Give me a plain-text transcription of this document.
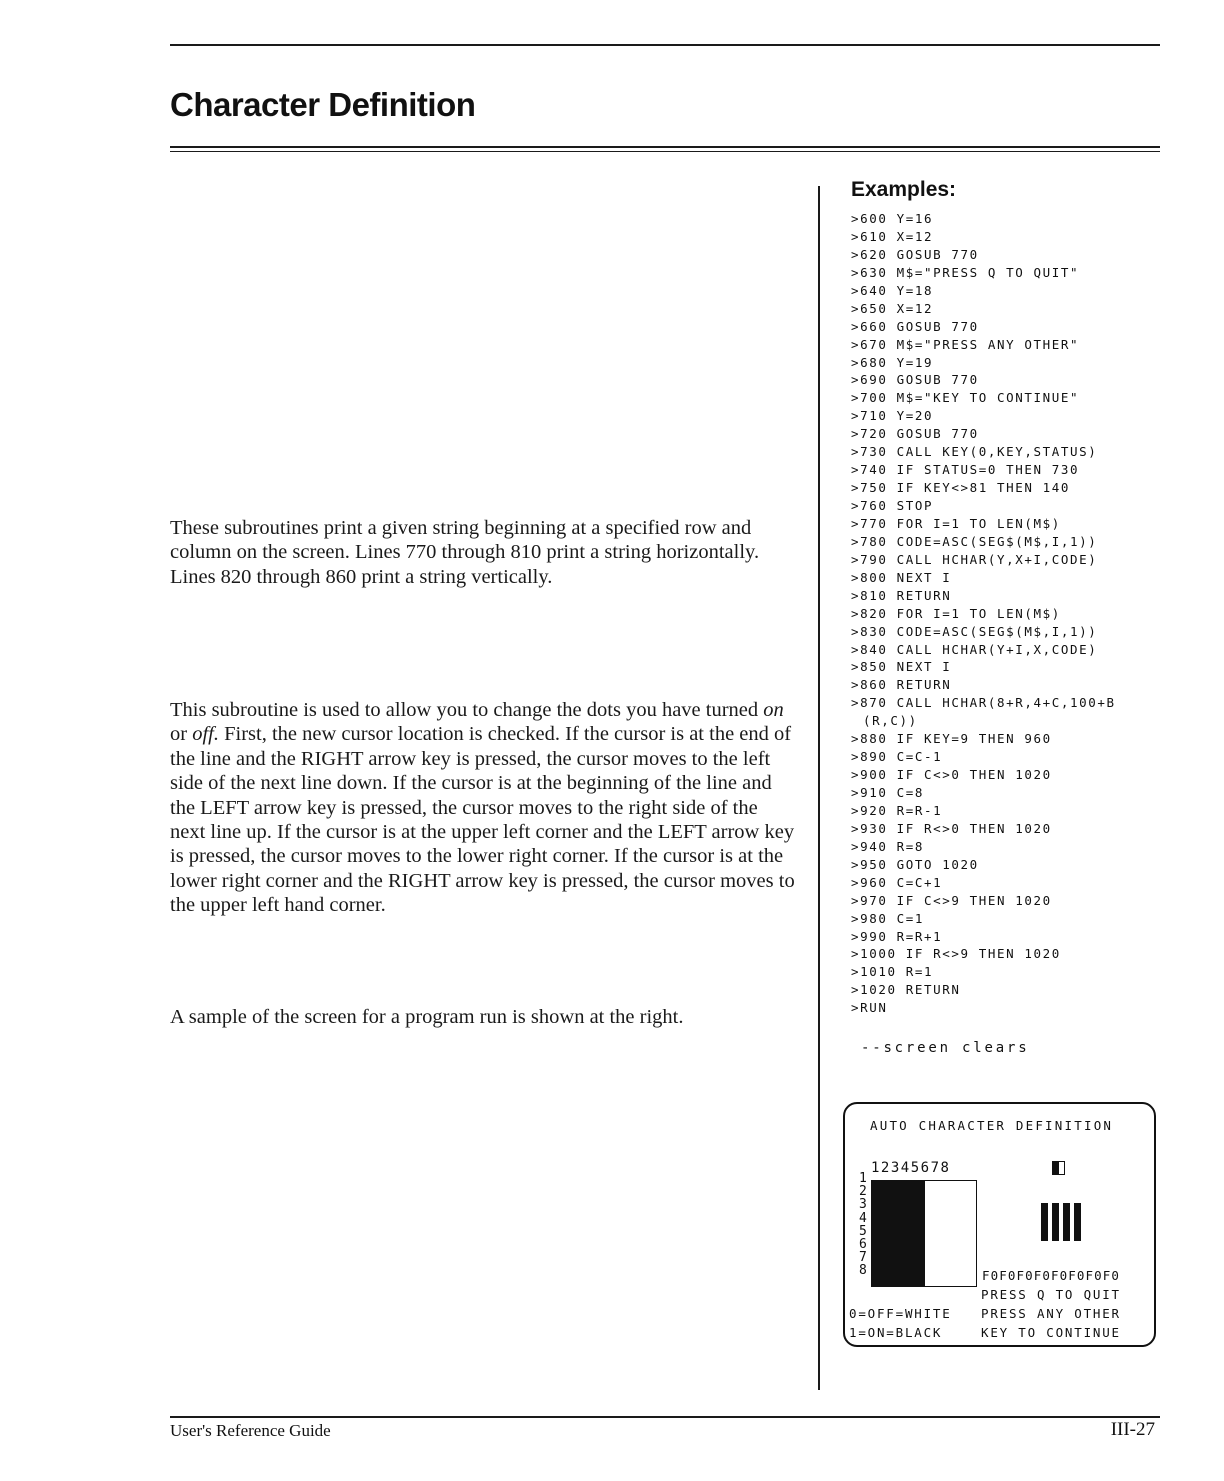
Character Definition
These subroutines print a given string beginning at a specified row and column on the screen. Lines 770 through 810 print a string horizontally. Lines 820 through 860 print a string vertically.
This subroutine is used to allow you to change the dots you have turned on or off. First, the new cursor location is checked. If the cursor is at the end of the line and the RIGHT arrow key is pressed, the cursor moves to the left side of the next line down. If the cursor is at the beginning of the line and the LEFT arrow key is pressed, the cursor moves to the right side of the next line up. If the cursor is at the upper left corner and the LEFT arrow key is pressed, the cursor moves to the lower right corner. If the cursor is at the lower right corner and the RIGHT arrow key is pressed, the cursor moves to the upper left hand corner.
A sample of the screen for a program run is shown at the right.
Examples:
>600 Y=16
>610 X=12
>620 GOSUB 770
>630 M$="PRESS Q TO QUIT"
>640 Y=18
>650 X=12
>660 GOSUB 770
>670 M$="PRESS ANY OTHER"
>680 Y=19
>690 GOSUB 770
>700 M$="KEY TO CONTINUE"
>710 Y=20
>720 GOSUB 770
>730 CALL KEY(0,KEY,STATUS)
>740 IF STATUS=0 THEN 730
>750 IF KEY<>81 THEN 140
>760 STOP
>770 FOR I=1 TO LEN(M$)
>780 CODE=ASC(SEG$(M$,I,1))
>790 CALL HCHAR(Y,X+I,CODE)
>800 NEXT I
>810 RETURN
>820 FOR I=1 TO LEN(M$)
>830 CODE=ASC(SEG$(M$,I,1))
>840 CALL HCHAR(Y+I,X,CODE)
>850 NEXT I
>860 RETURN
>870 CALL HCHAR(8+R,4+C,100+B
(R,C))
>880 IF KEY=9 THEN 960
>890 C=C-1
>900 IF C<>0 THEN 1020
>910 C=8
>920 R=R-1
>930 IF R<>0 THEN 1020
>940 R=8
>950 GOTO 1020
>960 C=C+1
>970 IF C<>9 THEN 1020
>980 C=1
>990 R=R+1
>1000 IF R<>9 THEN 1020
>1010 R=1
>1020 RETURN
>RUN
--screen clears
AUTO CHARACTER DEFINITION
12345678
1
2
3
4
5
6
7
8	F0F0F0F0F0F0F0F0
PRESS Q TO QUIT
PRESS ANY OTHER
KEY TO CONTINUE
0=OFF=WHITE
1=ON=BLACK
User's Reference Guide	III-27
